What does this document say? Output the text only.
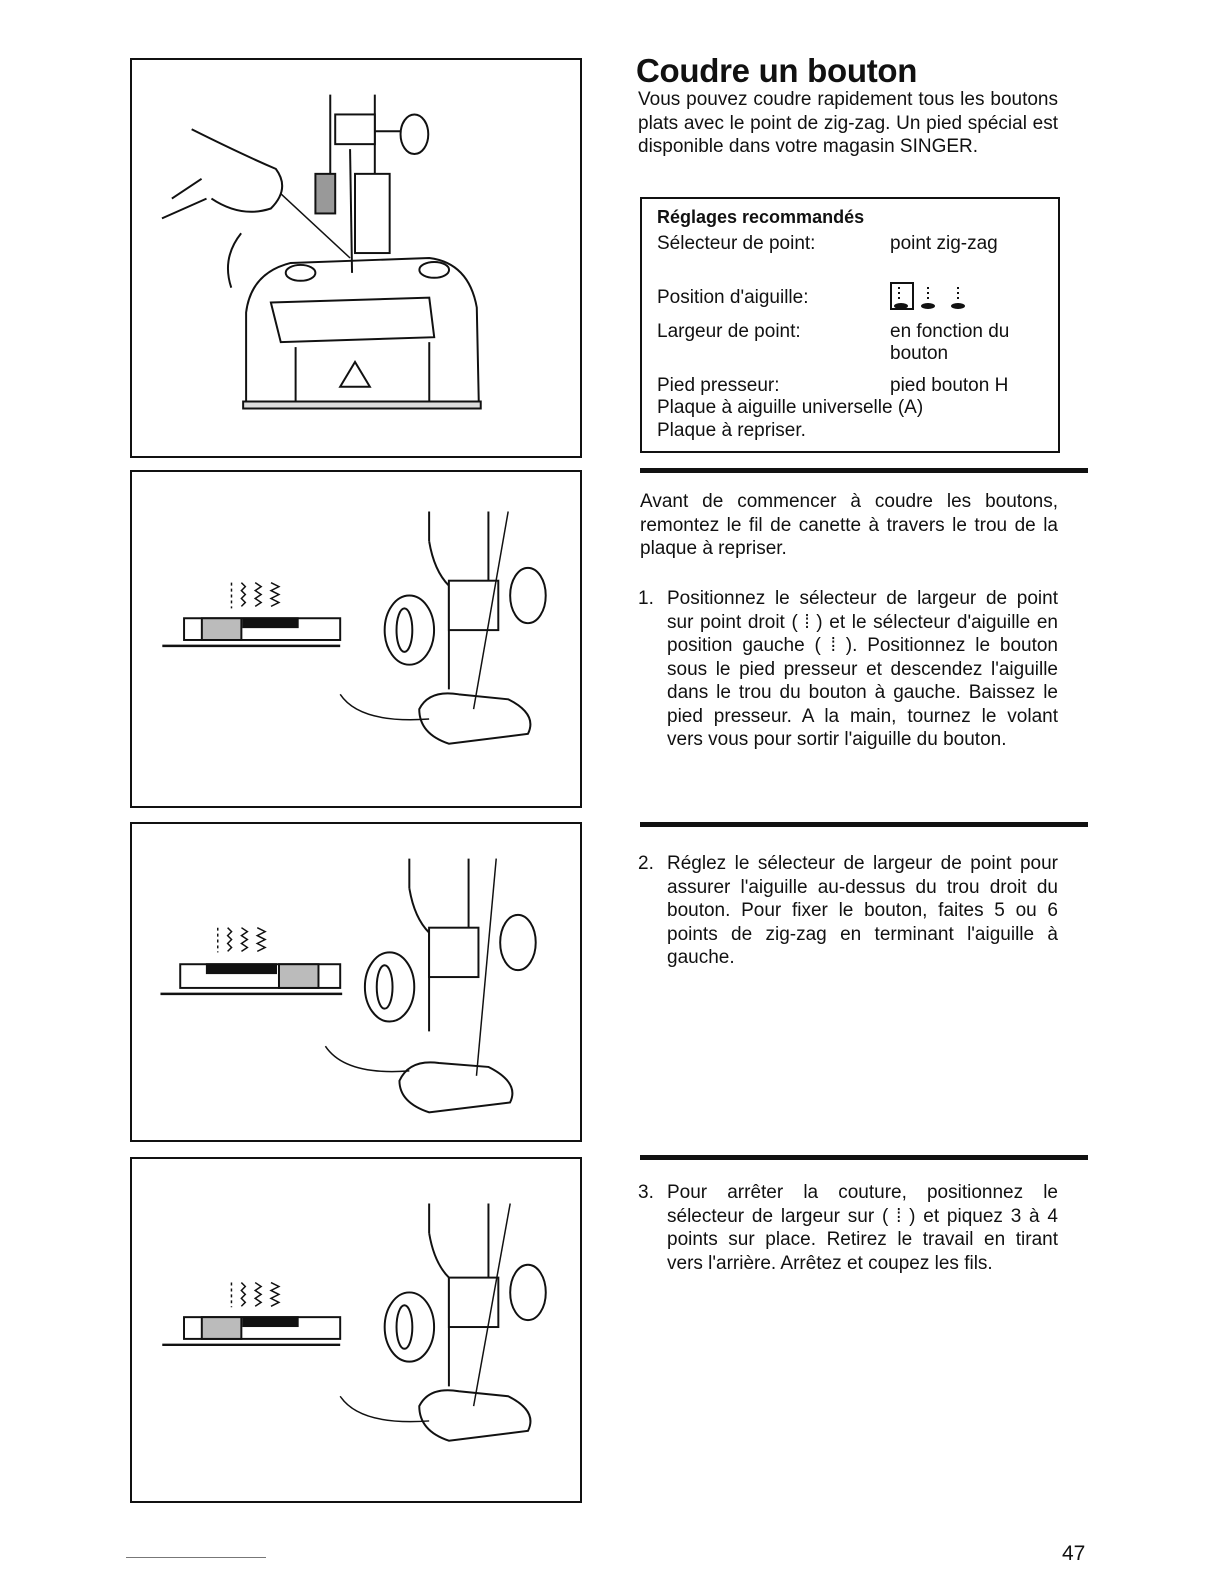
Coudre un bouton
Vous pouvez coudre rapidement tous les boutons plats avec le point de zig-zag. Un pied spécial est disponible dans votre magasin SINGER.
Réglages recommandés
Sélecteur de point:	point zig-zag
Position d'aiguille:
Largeur de point:	en fonction du bouton
Pied presseur:	pied bouton H
Plaque à aiguille universelle (A)
Plaque à repriser.
Avant de commencer à coudre les boutons, remontez le fil de canette à travers le trou de la plaque à repriser.
1. Positionnez le sélecteur de largeur de point sur point droit ( ⁞ ) et le sélecteur d'aiguille en position gauche ( ⁞ ). Positionnez le bouton sous le pied presseur et descendez l'aiguille dans le trou du bouton à gauche. Baissez le pied presseur. A la main, tournez le volant vers vous pour sortir l'aiguille du bouton.
2. Réglez le sélecteur de largeur de point pour assurer l'aiguille au-dessus du trou droit du bouton. Pour fixer le bouton, faites 5 ou 6 points de zig-zag en terminant l'aiguille à gauche.
3. Pour arrêter la couture, positionnez le sélecteur de largeur sur ( ⁞ ) et piquez 3 à 4 points sur place. Retirez le travail en tirant vers l'arrière. Arrêtez et coupez les fils.
47
